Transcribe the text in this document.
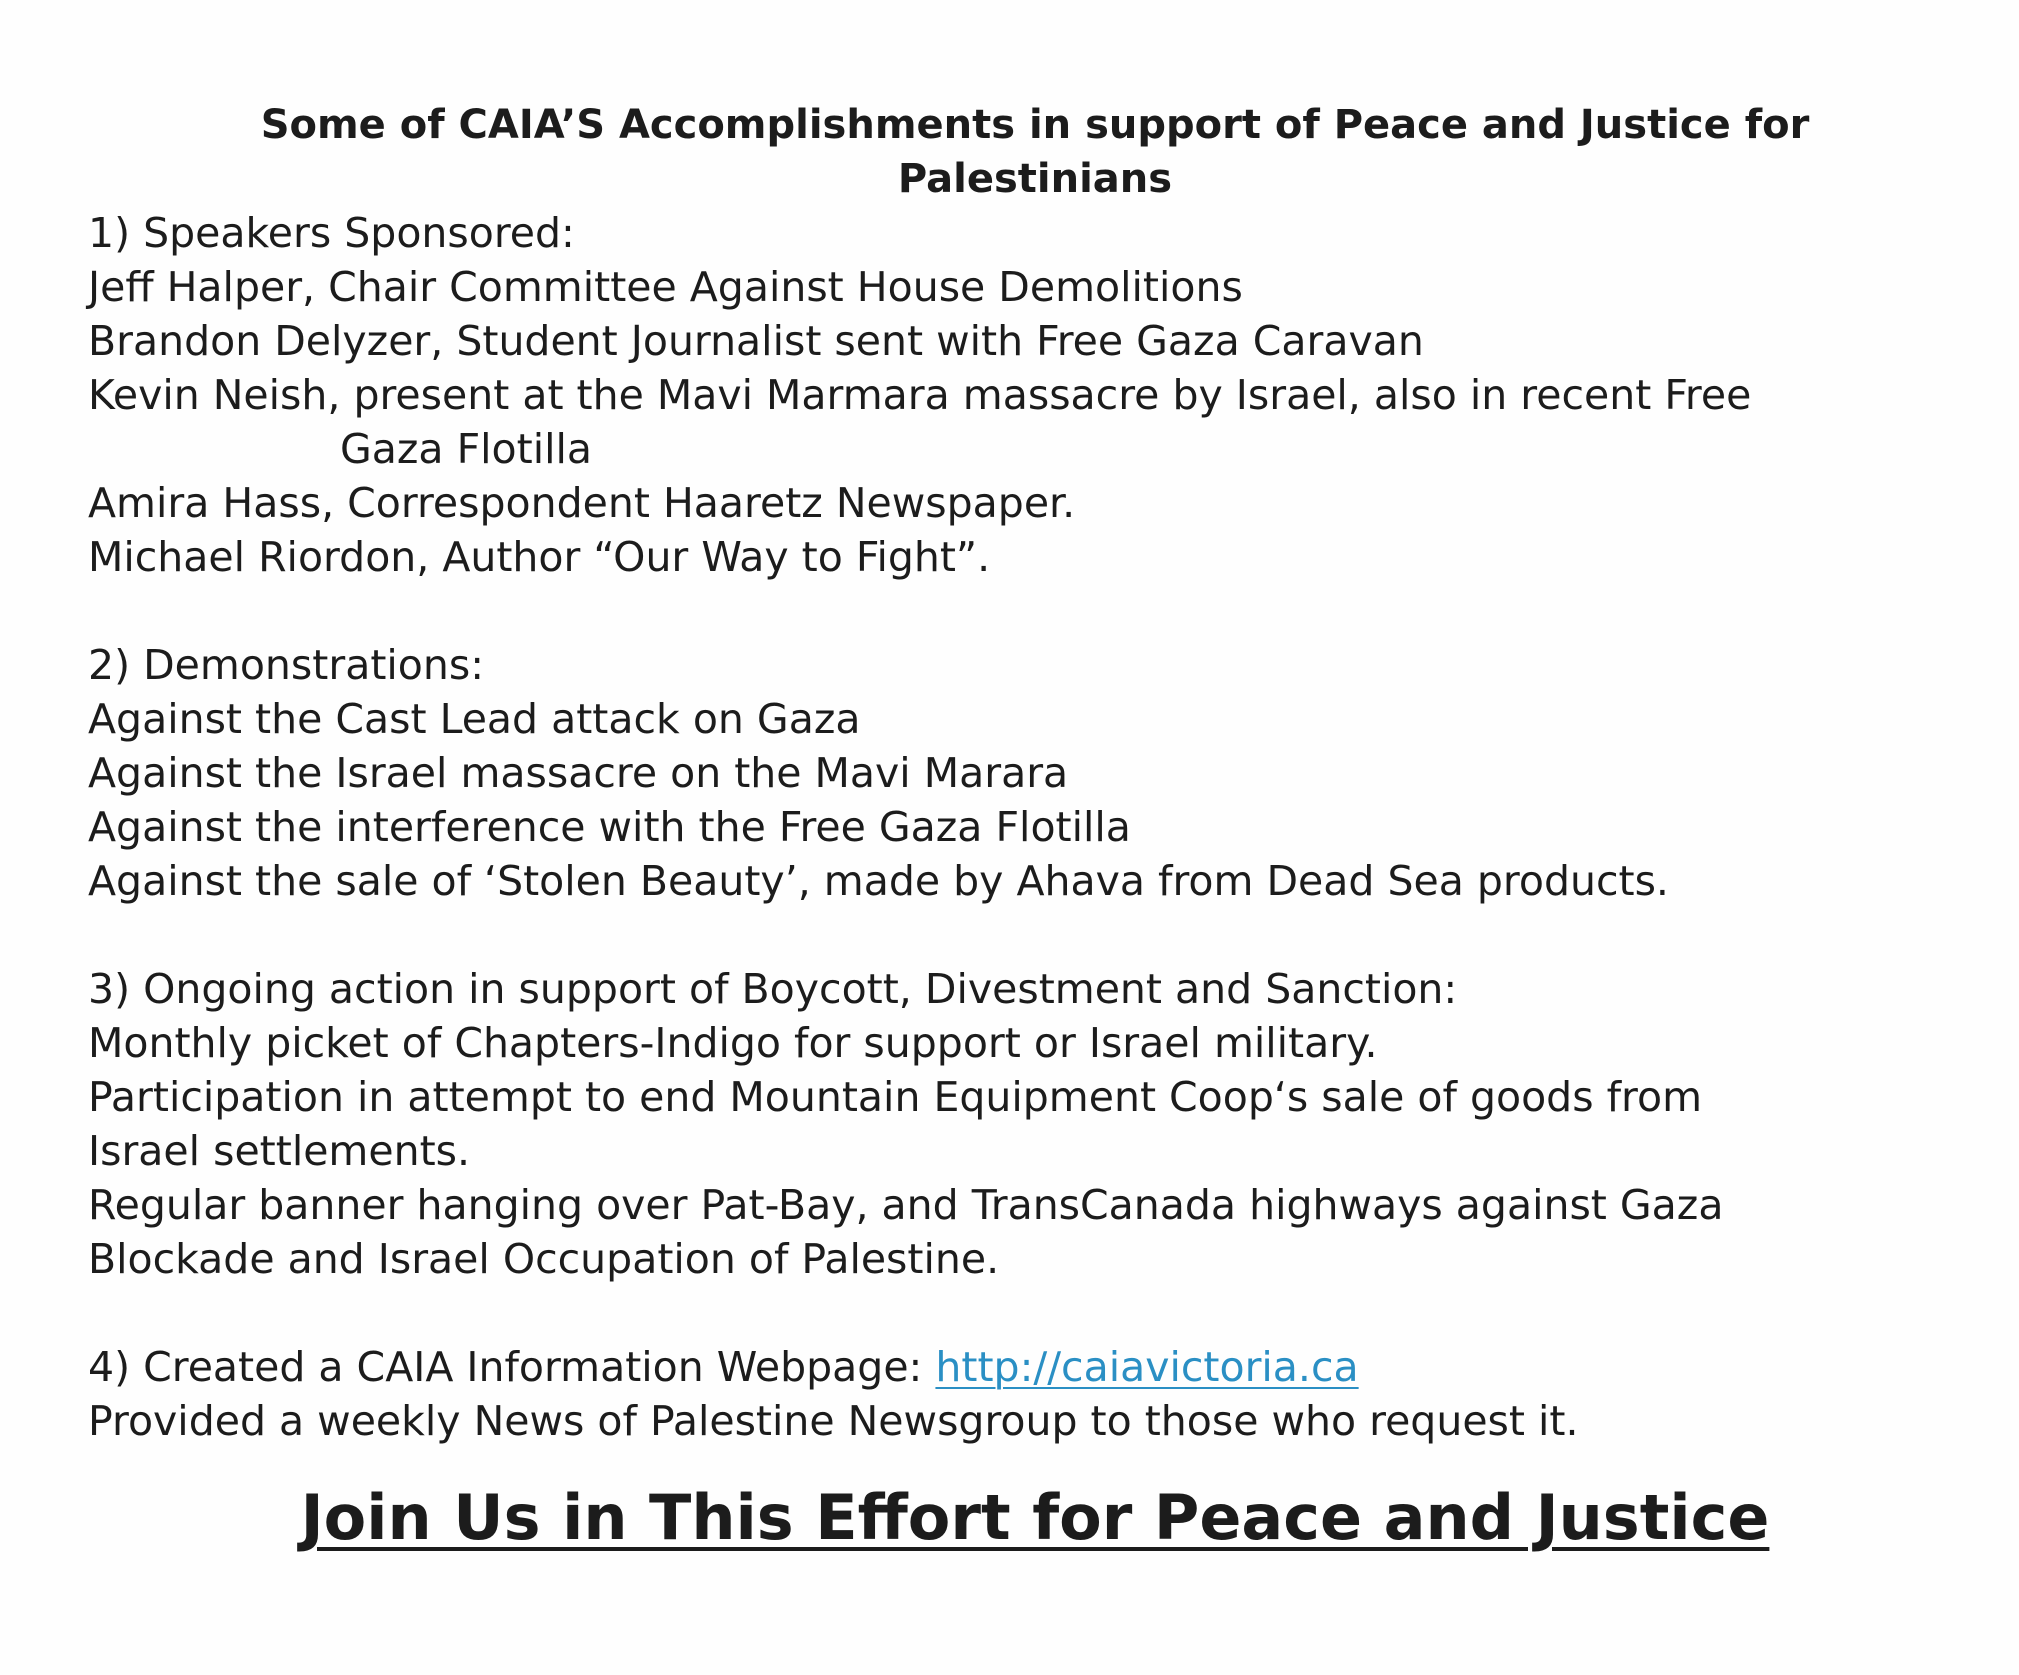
Some of CAIA’S Accomplishments in support of Peace and Justice for
Palestinians
1) Speakers Sponsored:
Jeff Halper, Chair Committee Against House Demolitions
Brandon Delyzer, Student Journalist sent with Free Gaza Caravan
Kevin Neish, present at the Mavi Marmara massacre by Israel, also in recent Free
Gaza Flotilla
Amira Hass, Correspondent Haaretz Newspaper.
Michael Riordon, Author “Our Way to Fight”.
2) Demonstrations:
Against the Cast Lead attack on Gaza
Against the Israel massacre on the Mavi Marara
Against the interference with the Free Gaza Flotilla
Against the sale of ‘Stolen Beauty’, made by Ahava from Dead Sea products.
3) Ongoing action in support of Boycott, Divestment and Sanction:
Monthly picket of Chapters-Indigo for support or Israel military.
Participation in attempt to end Mountain Equipment Coop‘s sale of goods from
Israel settlements.
Regular banner hanging over Pat-Bay, and TransCanada highways against Gaza
Blockade and Israel Occupation of Palestine.
4) Created a CAIA Information Webpage: http://caiavictoria.ca
Provided a weekly News of Palestine Newsgroup to those who request it.
Join Us in This Effort for Peace and Justice
